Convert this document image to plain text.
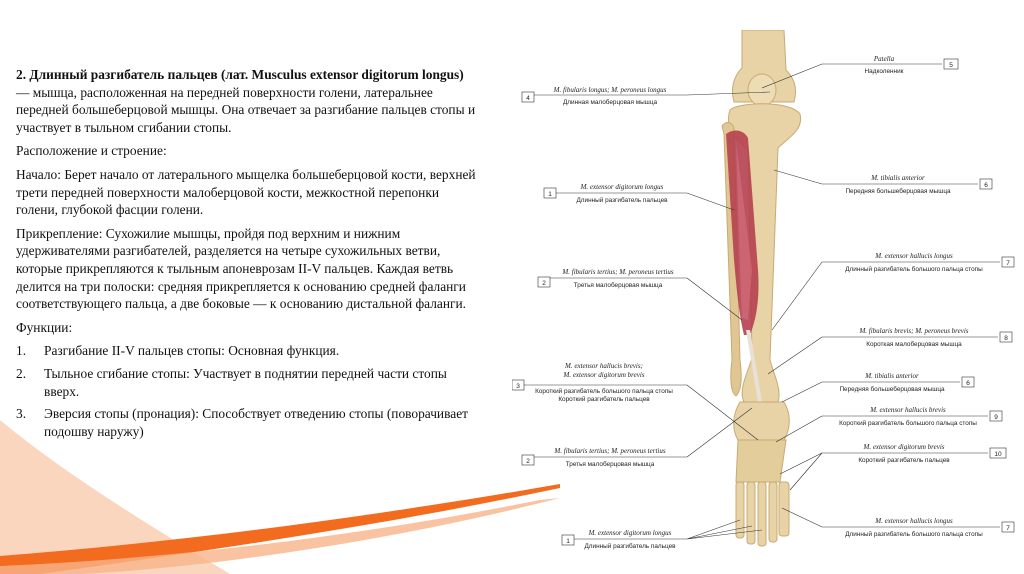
2. Длинный разгибатель пальцев (лат. Musculus extensor digitorum longus) — мышца, расположенная на передней поверхности голени, латеральнее передней большеберцовой мышцы. Она отвечает за разгибание пальцев стопы и участвует в тыльном сгибании стопы.

Расположение и строение:

Начало: Берет начало от латерального мыщелка большеберцовой кости, верхней трети передней поверхности малоберцовой кости, межкостной перепонки голени, глубокой фасции голени.

Прикрепление: Сухожилие мышцы, пройдя под верхним и нижним удерживателями разгибателей, разделяется на четыре сухожильных ветви, которые прикрепляются к тыльным апоневрозам II-V пальцев. Каждая ветвь делится на три полоски: средняя прикрепляется к основанию средней фаланги соответствующего пальца, а две боковые — к основанию дистальной фаланги.

Функции:

1.	Разгибание II-V пальцев стопы: Основная функция.
2.	Тыльное сгибание стопы: Участвует в поднятии передней части стопы вверх.
3.	Эверсия стопы (пронация): Способствует отведению стопы (поворачивает подошву наружу)
4
M. fibularis longus; M. peroneus longus
Длинная малоберцовая мышца
1
M. extensor digitorum longus
Длинный разгибатель пальцев
2
M. fibularis tertius; M. peroneus tertius
Третья малоберцовая мышца
3
M. extensor hallucis brevis;
M. extensor digitorum brevis
Короткий разгибатель большого пальца стопы
Короткий разгибатель пальцев
2
M. fibularis tertius; M. peroneus tertius
Третья малоберцовая мышца
1
M. extensor digitorum longus
Длинный разгибатель пальцев
5
Patella
Надколенник
6
M. tibialis anterior
Передняя большеберцовая мышца
7
M. extensor hallucis longus
Длинный разгибатель большого пальца стопы
8
M. fibularis brevis; M. peroneus brevis
Короткая малоберцовая мышца
6
M. tibialis anterior
Передняя большеберцовая мышца
9
M. extensor hallucis brevis
Короткий разгибатель большого пальца стопы
10
M. extensor digitorum brevis
Короткий разгибатель пальцев
7
M. extensor hallucis longus
Длинный разгибатель большого пальца стопы
